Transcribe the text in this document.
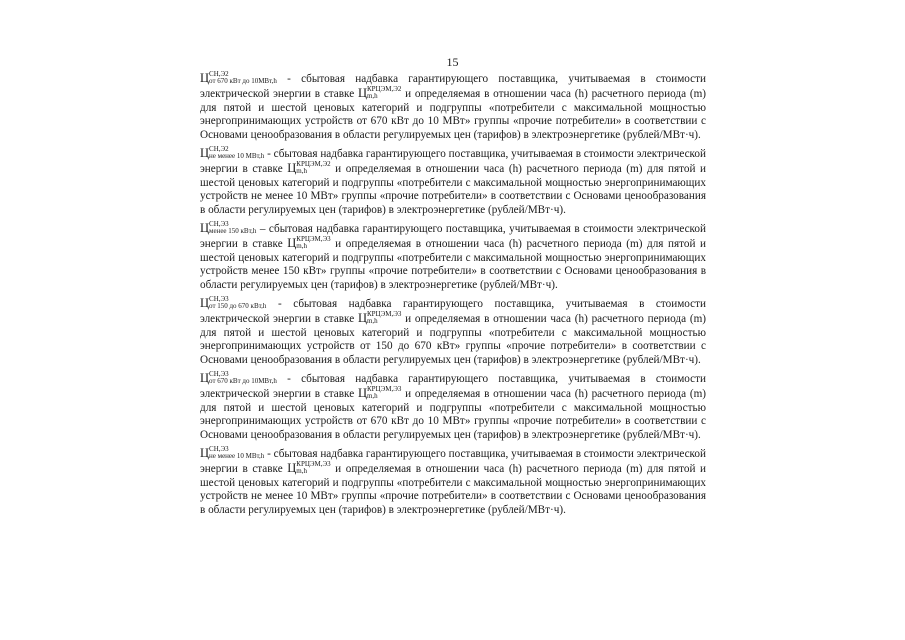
15

Ц СН,Э2
от 670 кВт до 10МВт,h - сбытовая надбавка гарантирующего поставщика, учитываемая в стоимости электрической энергии в ставке Ц КРЦЭМ,Э2
m,h	и определяемая в отношении часа (h) расчетного периода (m) для пятой и шестой ценовых категорий и подгруппы «потребители с максимальной мощностью энергопринимающих устройств от 670 кВт до 10 МВт» группы «прочие потребители» в соответствии с Основами ценообразования в области регулируемых цен (тарифов) в электроэнергетике (рублей/МВт·ч).

Ц СН,Э2
не менее 10 МВт,h - сбытовая надбавка гарантирующего поставщика, учитываемая в стоимости электрической энергии в ставке Ц КРЦЭМ,Э2
m,h	и определяемая в отношении часа (h) расчетного периода (m) для пятой и шестой ценовых категорий и подгруппы «потребители с максимальной мощностью энергопринимающих устройств не менее 10 МВт» группы «прочие потребители» в соответствии с Основами ценообразования в области регулируемых цен (тарифов) в электроэнергетике (рублей/МВт·ч).

Ц СН,Э3
менее 150 кВт,h – сбытовая надбавка гарантирующего поставщика, учитываемая в стоимости электрической энергии в ставке Ц КРЦЭМ,Э3
m,h	и определяемая в отношении часа (h) расчетного периода (m) для пятой и шестой ценовых категорий и подгруппы «потребители с максимальной мощностью энергопринимающих устройств менее 150 кВт» группы «прочие потребители» в соответствии с Основами ценообразования в области регулируемых цен (тарифов) в электроэнергетике (рублей/МВт·ч).

Ц СН,Э3
от 150 до 670 кВт,h - сбытовая надбавка гарантирующего поставщика, учитываемая в стоимости электрической энергии в ставке Ц КРЦЭМ,Э3
m,h	и определяемая в отношении часа (h) расчетного периода (m) для пятой и шестой ценовых категорий и подгруппы «потребители с максимальной мощностью энергопринимающих устройств от 150 до 670 кВт» группы «прочие потребители» в соответствии с Основами ценообразования в области регулируемых цен (тарифов) в электроэнергетике (рублей/МВт·ч).

Ц СН,Э3
от 670 кВт до 10МВт,h - сбытовая надбавка гарантирующего поставщика, учитываемая в стоимости электрической энергии в ставке Ц КРЦЭМ,Э3
m,h	и определяемая в отношении часа (h) расчетного периода (m) для пятой и шестой ценовых категорий и подгруппы «потребители с максимальной мощностью энергопринимающих устройств от 670 кВт до 10 МВт» группы «прочие потребители» в соответствии с Основами ценообразования в области регулируемых цен (тарифов) в электроэнергетике (рублей/МВт·ч).

Ц СН,Э3
не менее 10 МВт,h - сбытовая надбавка гарантирующего поставщика, учитываемая в стоимости электрической энергии в ставке Ц КРЦЭМ,Э3
m,h	и определяемая в отношении часа (h) расчетного периода (m) для пятой и шестой ценовых категорий и подгруппы «потребители с максимальной мощностью энергопринимающих устройств не менее 10 МВт» группы «прочие потребители» в соответствии с Основами ценообразования в области регулируемых цен (тарифов) в электроэнергетике (рублей/МВт·ч).
